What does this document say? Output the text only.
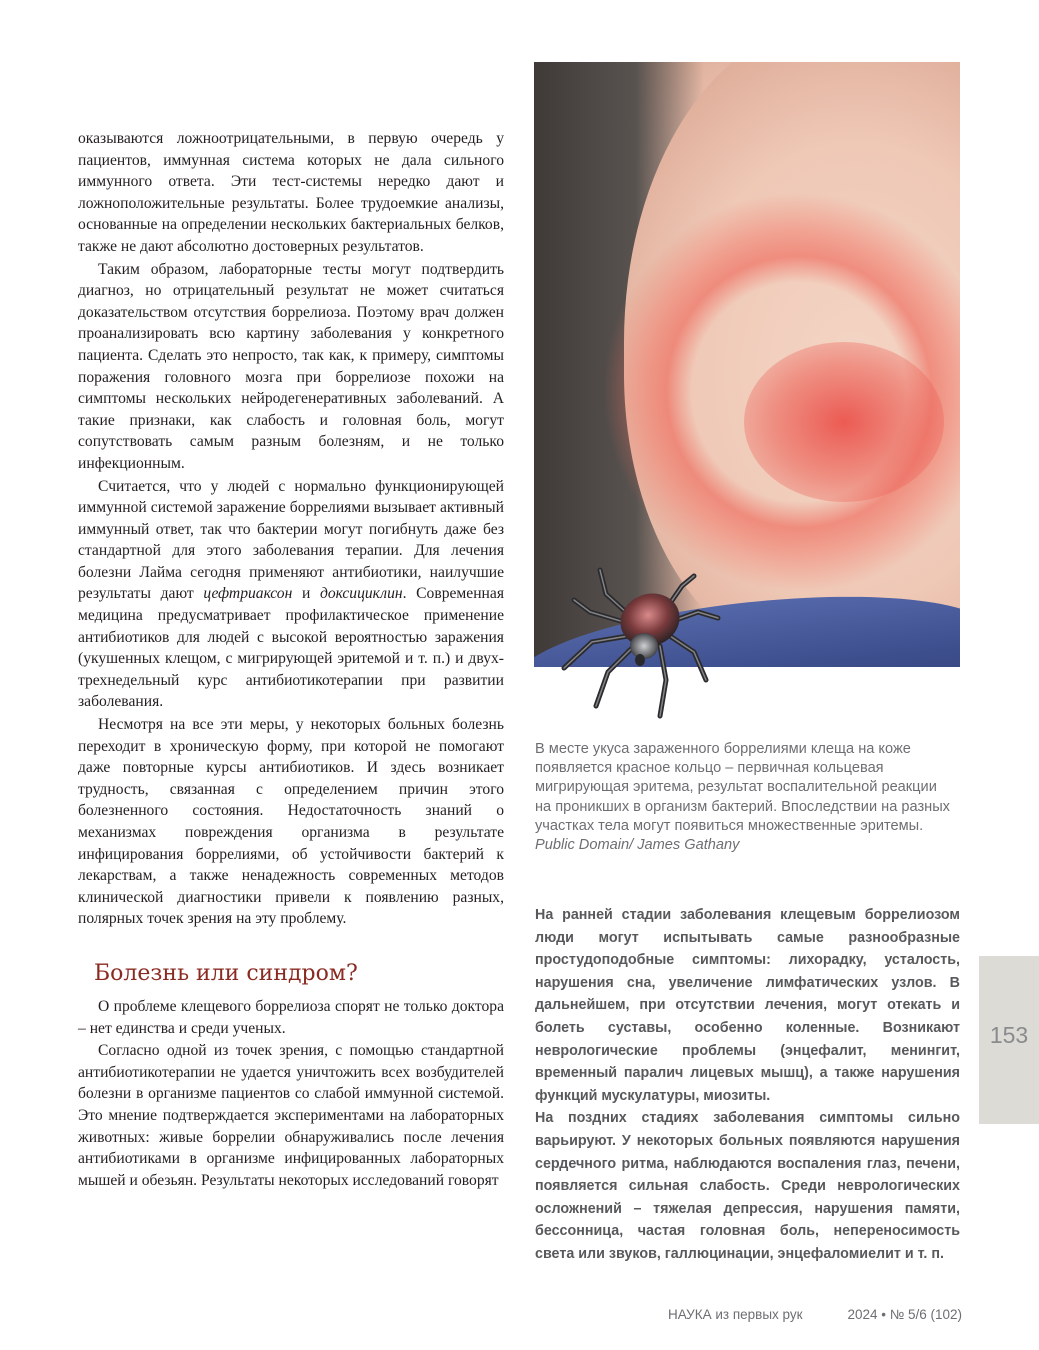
оказываются ложноотрицательными, в первую очередь у пациентов, иммунная система которых не дала сильного иммунного ответа. Эти тест-системы нередко дают и ложноположительные результаты. Более трудоемкие анализы, основанные на определении нескольких бактериальных белков, также не дают абсолютно достоверных результатов.

Таким образом, лабораторные тесты могут подтвердить диагноз, но отрицательный результат не может считаться доказательством отсутствия боррелиоза. Поэтому врач должен проанализировать всю картину заболевания у конкретного пациента. Сделать это непросто, так как, к примеру, симптомы поражения головного мозга при боррелиозе похожи на симптомы нескольких нейродегенеративных заболеваний. А такие признаки, как слабость и головная боль, могут сопутствовать самым разным болезням, и не только инфекционным.

Считается, что у людей с нормально функционирующей иммунной системой заражение боррелиями вызывает активный иммунный ответ, так что бактерии могут погибнуть даже без стандартной для этого заболевания терапии. Для лечения болезни Лайма сегодня применяют антибиотики, наилучшие результаты дают цефтриаксон и доксициклин. Современная медицина предусматривает профилактическое применение антибиотиков для людей с высокой вероятностью заражения (укушенных клещом, с мигрирующей эритемой и т. п.) и двух-трехнедельный курс антибиотикотерапии при развитии заболевания.

Несмотря на все эти меры, у некоторых больных болезнь переходит в хроническую форму, при которой не помогают даже повторные курсы антибиотиков. И здесь возникает трудность, связанная с определением причин этого болезненного состояния. Недостаточность знаний о механизмах повреждения организма в результате инфицирования боррелиями, об устойчивости бактерий к лекарствам, а также ненадежность современных методов клинической диагностики привели к появлению разных, полярных точек зрения на эту проблему.

Болезнь или синдром?

О проблеме клещевого боррелиоза спорят не только доктора – нет единства и среди ученых.

Согласно одной из точек зрения, с помощью стандартной антибиотикотерапии не удается уничтожить всех возбудителей болезни в организме пациентов со слабой иммунной системой. Это мнение подтверждается экспериментами на лабораторных животных: живые боррелии обнаруживались после лечения антибиотиками в организме инфицированных лабораторных мышей и обезьян. Результаты некоторых исследований говорят

В месте укуса зараженного боррелиями клеща на коже появляется красное кольцо – первичная кольцевая мигрирующая эритема, результат воспалительной реакции на проникших в организм бактерий. Впоследствии на разных участках тела могут появиться множественные эритемы.
Public Domain/ James Gathany

На ранней стадии заболевания клещевым боррелиозом люди могут испытывать самые разнообразные простудоподобные симптомы: лихорадку, усталость, нарушения сна, увеличение лимфатических узлов. В дальнейшем, при отсутствии лечения, могут отекать и болеть суставы, особенно коленные. Возникают неврологические проблемы (энцефалит, менингит, временный паралич лицевых мышц), а также нарушения функций мускулатуры, миозиты.

На поздних стадиях заболевания симптомы сильно варьируют. У некоторых больных появляются нарушения сердечного ритма, наблюдаются воспаления глаз, печени, появляется сильная слабость. Среди неврологических осложнений – тяжелая депрессия, нарушения памяти, бессонница, частая головная боль, непереносимость света или звуков, галлюцинации, энцефаломиелит и т. п.

153
НАУКА из первых рук	2024 • № 5/6 (102)
